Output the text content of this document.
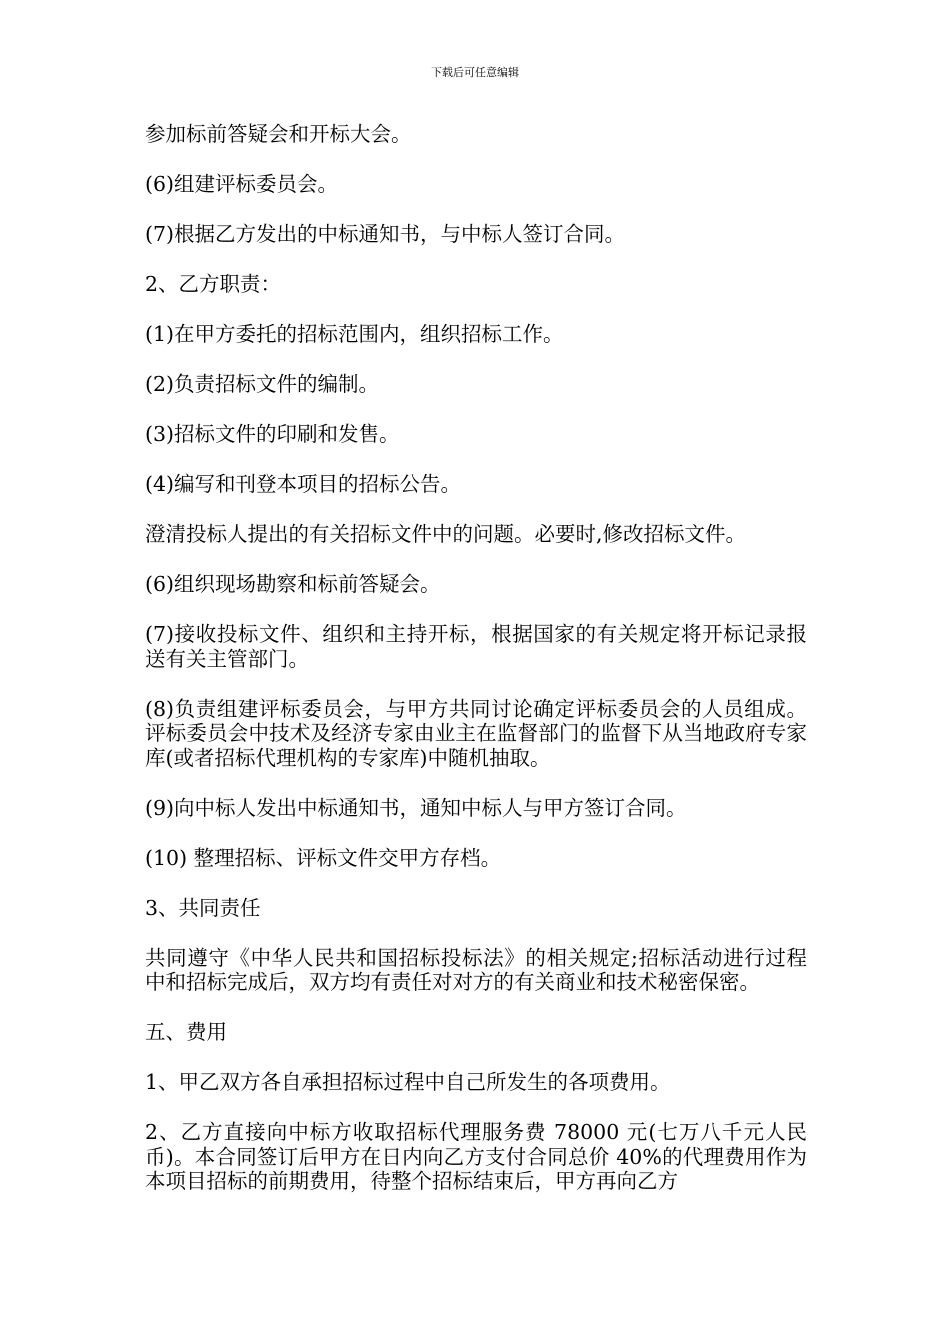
下载后可任意编辑

参加标前答疑会和开标大会。

(6)组建评标委员会。

(7)根据乙方发出的中标通知书，与中标人签订合同。

2、乙方职责：

(1)在甲方委托的招标范围内，组织招标工作。

(2)负责招标文件的编制。

(3)招标文件的印刷和发售。

(4)编写和刊登本项目的招标公告。

澄清投标人提出的有关招标文件中的问题。必要时,修改招标文件。

(6)组织现场勘察和标前答疑会。

(7)接收投标文件、组织和主持开标，根据国家的有关规定将开标记录报送有关主管部门。

(8)负责组建评标委员会，与甲方共同讨论确定评标委员会的人员组成。评标委员会中技术及经济专家由业主在监督部门的监督下从当地政府专家库(或者招标代理机构的专家库)中随机抽取。

(9)向中标人发出中标通知书，通知中标人与甲方签订合同。

(10) 整理招标、评标文件交甲方存档。

3、共同责任

共同遵守《中华人民共和国招标投标法》的相关规定;招标活动进行过程中和招标完成后，双方均有责任对对方的有关商业和技术秘密保密。

五、费用

1、甲乙双方各自承担招标过程中自己所发生的各项费用。

2、乙方直接向中标方收取招标代理服务费 78000 元(七万八千元人民币)。本合同签订后甲方在日内向乙方支付合同总价 40%的代理费用作为本项目招标的前期费用，待整个招标结束后，甲方再向乙方
